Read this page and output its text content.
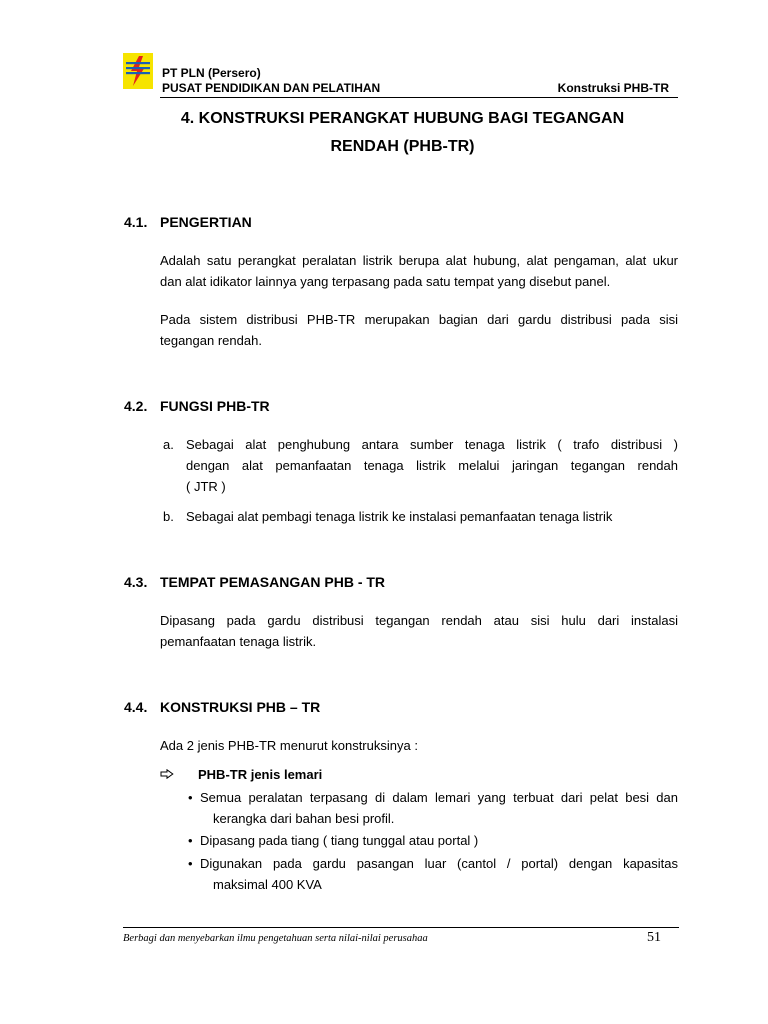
PT PLN (Persero)
PUSAT PENDIDIKAN DAN PELATIHAN	Konstruksi PHB-TR
4. KONSTRUKSI PERANGKAT HUBUNG BAGI TEGANGAN
RENDAH (PHB-TR)
4.1. PENGERTIAN
Adalah satu perangkat peralatan listrik berupa alat hubung, alat pengaman, alat ukur
dan alat idikator lainnya yang terpasang pada satu tempat yang disebut panel.
Pada sistem distribusi PHB-TR merupakan bagian dari gardu distribusi pada sisi
tegangan rendah.
4.2. FUNGSI PHB-TR
a. Sebagai alat penghubung antara sumber tenaga listrik ( trafo distribusi )
dengan alat pemanfaatan tenaga listrik melalui jaringan tegangan rendah
( JTR )
b. Sebagai alat pembagi tenaga listrik ke instalasi pemanfaatan tenaga listrik
4.3. TEMPAT PEMASANGAN PHB - TR
Dipasang pada gardu distribusi tegangan rendah atau sisi hulu dari instalasi
pemanfaatan tenaga listrik.
4.4. KONSTRUKSI PHB – TR
Ada 2 jenis PHB-TR menurut konstruksinya :
PHB-TR jenis lemari
• Semua peralatan terpasang di dalam lemari yang terbuat dari pelat besi dan
kerangka dari bahan besi profil.
• Dipasang pada tiang ( tiang tunggal atau portal )
• Digunakan pada gardu pasangan luar (cantol / portal) dengan kapasitas
maksimal 400 KVA
Berbagi dan menyebarkan ilmu pengetahuan serta nilai-nilai perusahaa	51
